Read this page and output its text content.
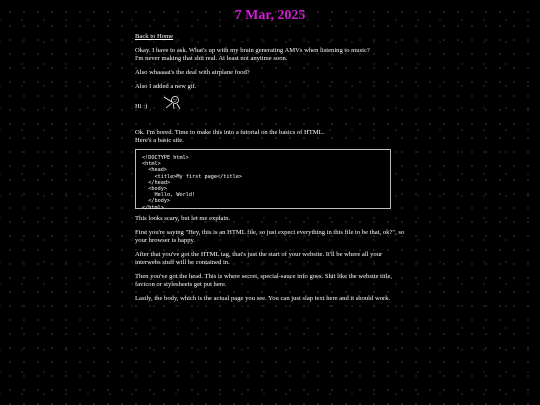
7 Mar, 2025
Back to Home

Okay. I have to ask. What's up with my brain generating AMVs when listening to music?
I'm never making that shit real. At least not anytime soon.

Also whaaaat's the deal with airplane food?

Also I added a new gif.

Hi :)

Ok. I'm bored. Time to make this into a tutorial on the basics of HTML.
Here's a basic site.

<!DOCTYPE html>
<html>
<head>
<title>My first page</title>
</head>
<body>
Hello, World!
</body>
</html>

This looks scary, but let me explain.

First you're saying "Hey, this is an HTML file, so just expect everything in this file to be that, ok?", so your browser is happy.

After that you've got the HTML tag, that's just the start of your website. It'll be where all your interwebs stuff will be contained in.

Then you've got the head. This is where secret, special-sauce info goes. Shit like the website title, favicon or stylesheets get put here.

Lastly, the body, which is the actual page you see. You can just slap text here and it should work.
